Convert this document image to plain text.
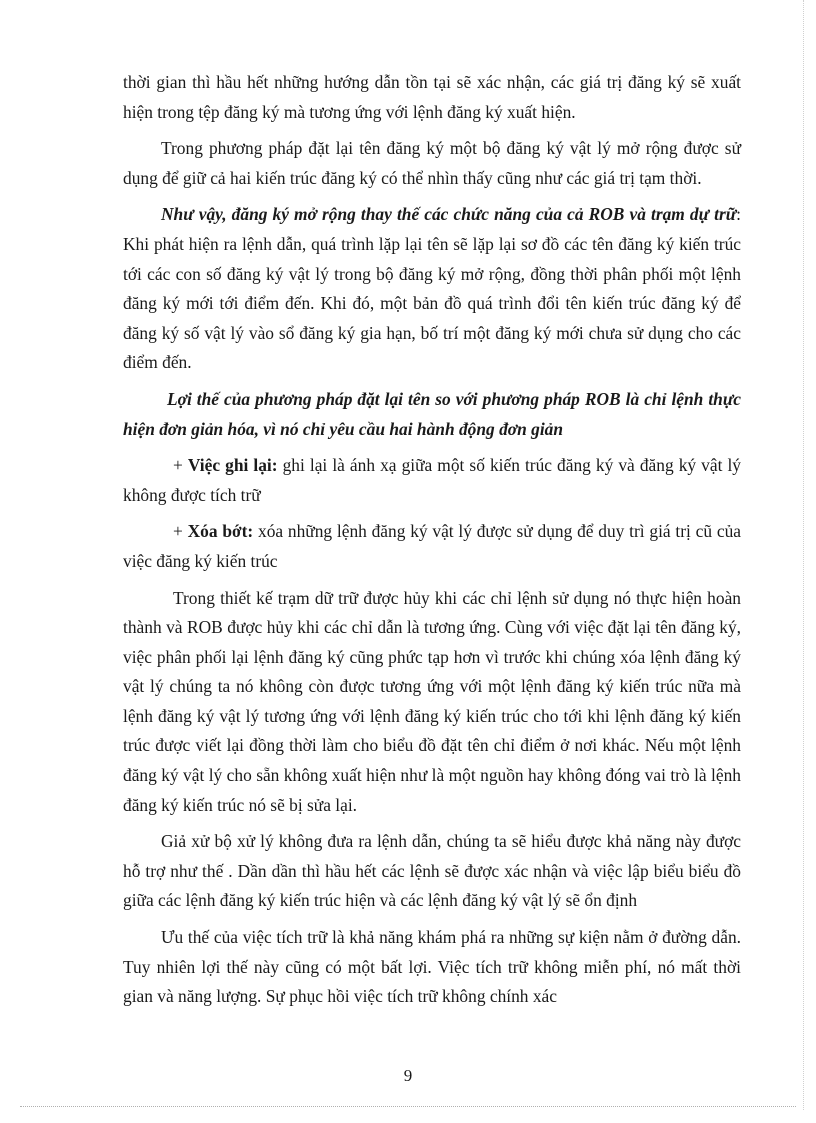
thời gian thì hầu hết những hướng dẫn tồn tại sẽ xác nhận, các giá trị đăng ký sẽ xuất hiện trong tệp đăng ký mà tương ứng với lệnh đăng ký xuất hiện.

Trong phương pháp đặt lại tên đăng ký một bộ đăng ký vật lý mở rộng được sử dụng để giữ cả hai kiến trúc đăng ký có thể nhìn thấy cũng như các giá trị tạm thời.

Như vậy, đăng ký mở rộng thay thế các chức năng của cả ROB và trạm dự trữ: Khi phát hiện ra lệnh dẫn, quá trình lặp lại tên sẽ lặp lại sơ đồ các tên đăng ký kiến trúc tới các con số đăng ký vật lý trong bộ đăng ký mở rộng, đồng thời phân phối một lệnh đăng ký mới tới điểm đến. Khi đó, một bản đồ quá trình đổi tên kiến trúc đăng ký để đăng ký số vật lý vào sổ đăng ký gia hạn, bố trí một đăng ký mới chưa sử dụng cho các điểm đến.

Lợi thế của phương pháp đặt lại tên so với phương pháp ROB là chỉ lệnh thực hiện đơn giản hóa, vì nó chỉ yêu cầu hai hành động đơn giản

+ Việc ghi lại: ghi lại là ánh xạ giữa một số kiến trúc đăng ký và đăng ký vật lý không được tích trữ

+ Xóa bớt: xóa những lệnh đăng ký vật lý được sử dụng để duy trì giá trị cũ của việc đăng ký kiến trúc

Trong thiết kế trạm dữ trữ được hủy khi các chỉ lệnh sử dụng nó thực hiện hoàn thành và ROB được hủy khi các chỉ dẫn là tương ứng. Cùng với việc đặt lại tên đăng ký, việc phân phối lại lệnh đăng ký cũng phức tạp hơn vì trước khi chúng xóa lệnh đăng ký vật lý chúng ta nó không còn được tương ứng với một lệnh đăng ký kiến trúc nữa mà lệnh đăng ký vật lý tương ứng với lệnh đăng ký kiến trúc cho tới khi lệnh đăng ký kiến trúc được viết lại đồng thời làm cho biểu đồ đặt tên chỉ điểm ở nơi khác. Nếu một lệnh đăng ký vật lý cho sẵn không xuất hiện như là một nguồn hay không đóng vai trò là lệnh đăng ký kiến trúc nó sẽ bị sửa lại.

Giả xử bộ xử lý không đưa ra lệnh dẫn, chúng ta sẽ hiểu được khả năng này được hỗ trợ như thế . Dần dần thì hầu hết các lệnh sẽ được xác nhận và việc lập biểu biểu đồ giữa các lệnh đăng ký kiến trúc hiện và các lệnh đăng ký vật lý sẽ ổn định

Ưu thế của việc tích trữ là khả năng khám phá ra những sự kiện nằm ở đường dẫn. Tuy nhiên lợi thế này cũng có một bất lợi. Việc tích trữ không miễn phí, nó mất thời gian và năng lượng. Sự phục hồi việc tích trữ không chính xác

9
